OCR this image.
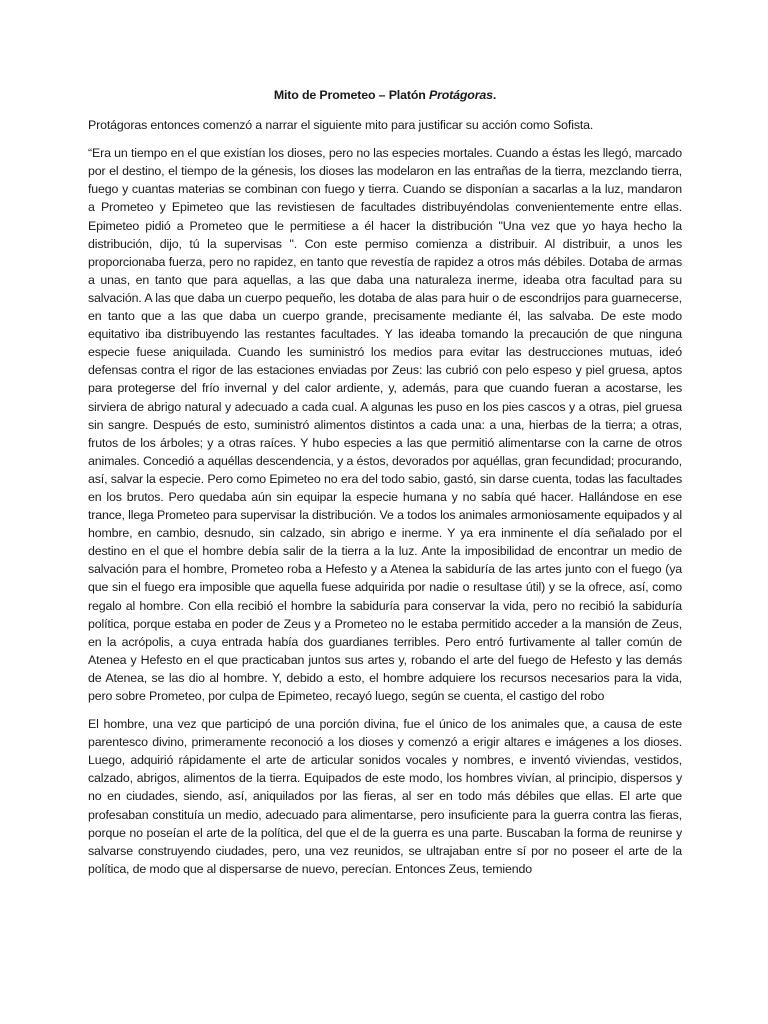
Mito de Prometeo – Platón Protágoras.

Protágoras entonces comenzó a narrar el siguiente mito para justificar su acción como Sofista.

“Era un tiempo en el que existían los dioses, pero no las especies mortales. Cuando a éstas les llegó, marcado por el destino, el tiempo de la génesis, los dioses las modelaron en las entrañas de la tierra, mezclando tierra, fuego y cuantas materias se combinan con fuego y tierra. Cuando se disponían a sacarlas a la luz, mandaron a Prometeo y Epimeteo que las revistiesen de facultades distribuyéndolas convenientemente entre ellas. Epimeteo pidió a Prometeo que le permitiese a él hacer la distribución "Una vez que yo haya hecho la distribución, dijo, tú la supervisas ". Con este permiso comienza a distribuir. Al distribuir, a unos les proporcionaba fuerza, pero no rapidez, en tanto que revestía de rapidez a otros más débiles. Dotaba de armas a unas, en tanto que para aquellas, a las que daba una naturaleza inerme, ideaba otra facultad para su salvación. A las que daba un cuerpo pequeño, les dotaba de alas para huir o de escondrijos para guarnecerse, en tanto que a las que daba un cuerpo grande, precisamente mediante él, las salvaba. De este modo equitativo iba distribuyendo las restantes facultades. Y las ideaba tomando la precaución de que ninguna especie fuese aniquilada. Cuando les suministró los medios para evitar las destrucciones mutuas, ideó defensas contra el rigor de las estaciones enviadas por Zeus: las cubrió con pelo espeso y piel gruesa, aptos para protegerse del frío invernal y del calor ardiente, y, además, para que cuando fueran a acostarse, les sirviera de abrigo natural y adecuado a cada cual. A algunas les puso en los pies cascos y a otras, piel gruesa sin sangre. Después de esto, suministró alimentos distintos a cada una: a una, hierbas de la tierra; a otras, frutos de los árboles; y a otras raíces. Y hubo especies a las que permitió alimentarse con la carne de otros animales. Concedió a aquéllas descendencia, y a éstos, devorados por aquéllas, gran fecundidad; procurando, así, salvar la especie. Pero como Epimeteo no era del todo sabio, gastó, sin darse cuenta, todas las facultades en los brutos. Pero quedaba aún sin equipar la especie humana y no sabía qué hacer. Hallándose en ese trance, llega Prometeo para supervisar la distribución. Ve a todos los animales armoniosamente equipados y al hombre, en cambio, desnudo, sin calzado, sin abrigo e inerme. Y ya era inminente el día señalado por el destino en el que el hombre debía salir de la tierra a la luz. Ante la imposibilidad de encontrar un medio de salvación para el hombre, Prometeo roba a Hefesto y a Atenea la sabiduría de las artes junto con el fuego (ya que sin el fuego era imposible que aquella fuese adquirida por nadie o resultase útil) y se la ofrece, así, como regalo al hombre. Con ella recibió el hombre la sabiduría para conservar la vida, pero no recibió la sabiduría política, porque estaba en poder de Zeus y a Prometeo no le estaba permitido acceder a la mansión de Zeus, en la acrópolis, a cuya entrada había dos guardianes terribles. Pero entró furtivamente al taller común de Atenea y Hefesto en el que practicaban juntos sus artes y, robando el arte del fuego de Hefesto y las demás de Atenea, se las dio al hombre. Y, debido a esto, el hombre adquiere los recursos necesarios para la vida, pero sobre Prometeo, por culpa de Epimeteo, recayó luego, según se cuenta, el castigo del robo

El hombre, una vez que participó de una porción divina, fue el único de los animales que, a causa de este parentesco divino, primeramente reconoció a los dioses y comenzó a erigir altares e imágenes a los dioses. Luego, adquirió rápidamente el arte de articular sonidos vocales y nombres, e inventó viviendas, vestidos, calzado, abrigos, alimentos de la tierra. Equipados de este modo, los hombres vivían, al principio, dispersos y no en ciudades, siendo, así, aniquilados por las fieras, al ser en todo más débiles que ellas. El arte que profesaban constituía un medio, adecuado para alimentarse, pero insuficiente para la guerra contra las fieras, porque no poseían el arte de la política, del que el de la guerra es una parte. Buscaban la forma de reunirse y salvarse construyendo ciudades, pero, una vez reunidos, se ultrajaban entre sí por no poseer el arte de la política, de modo que al dispersarse de nuevo, perecían. Entonces Zeus, temiendo
